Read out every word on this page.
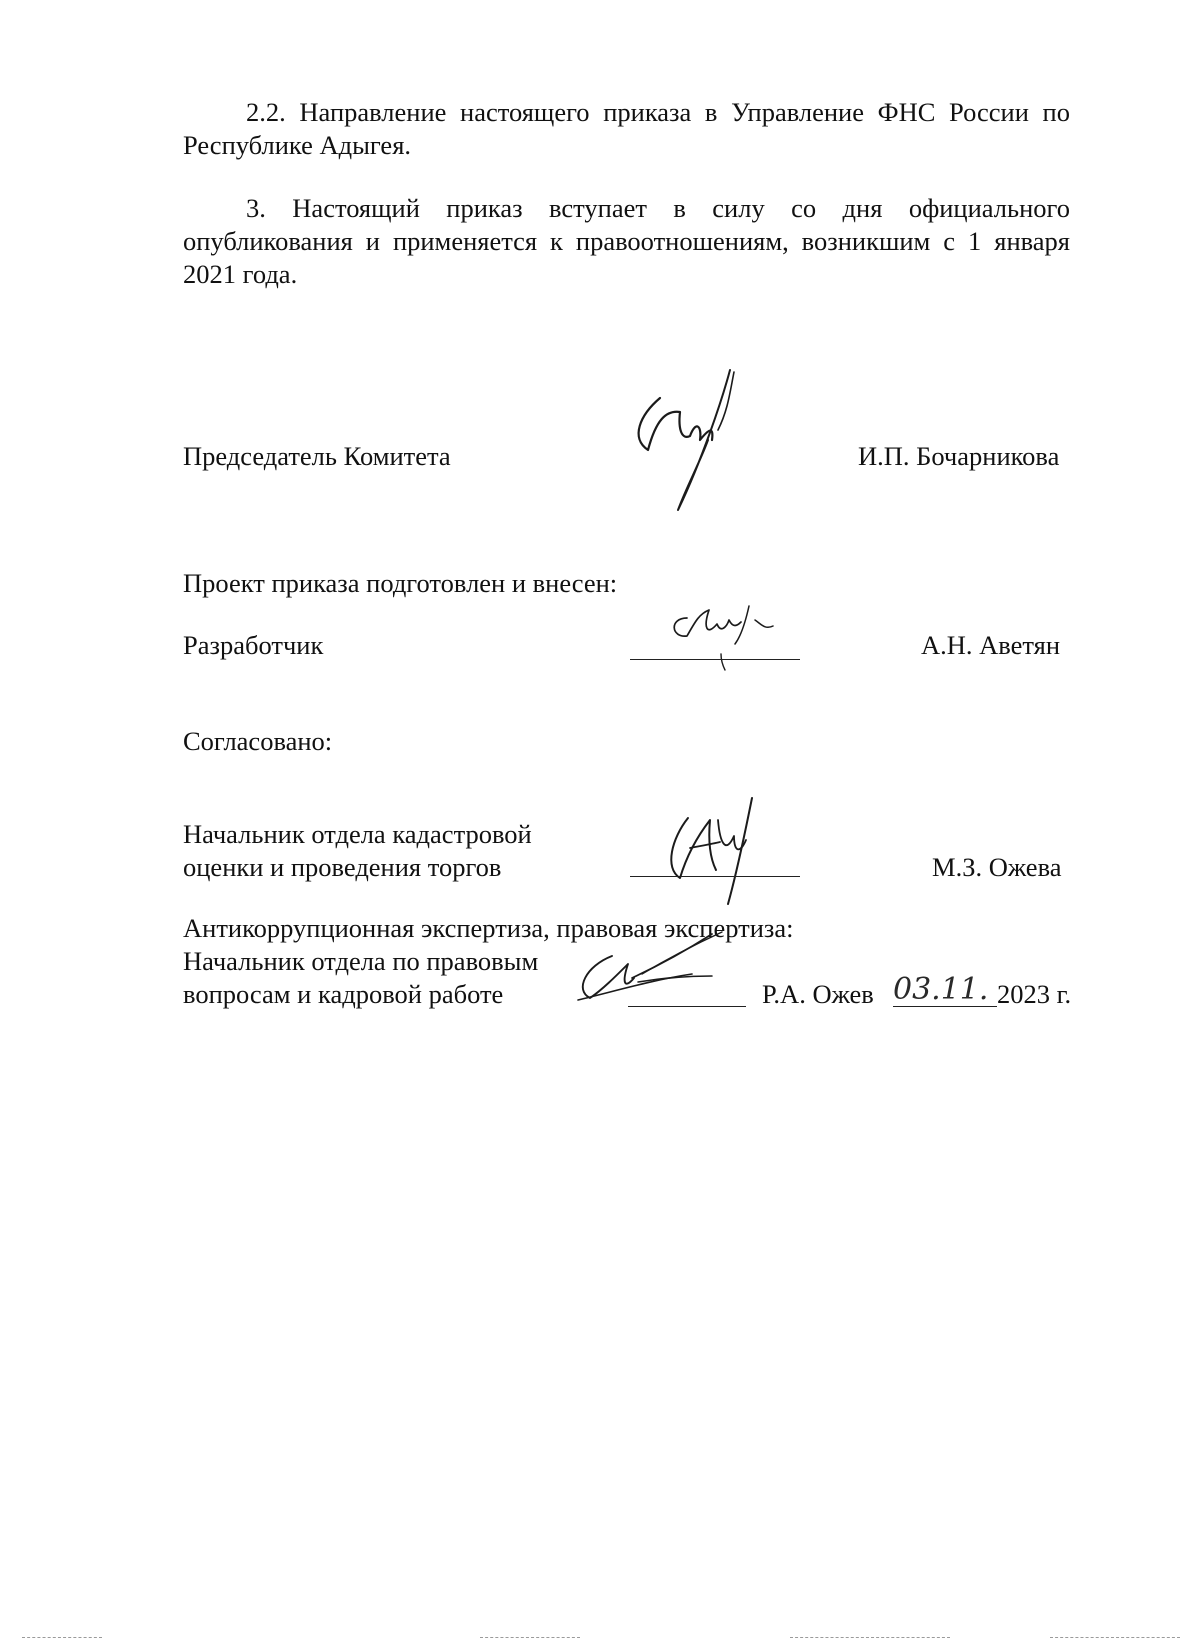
2.2. Направление настоящего приказа в Управление ФНС России по Республике Адыгея.

3. Настоящий приказ вступает в силу со дня официального опубликования и применяется к правоотношениям, возникшим с 1 января 2021 года.

Председатель Комитета	И.П. Бочарникова
Проект приказа подготовлен и внесен:
Разработчик	А.Н. Аветян
Согласовано:
Начальник отдела кадастровой
оценки и проведения торгов	М.З. Ожева
Антикоррупционная экспертиза, правовая экспертиза:
Начальник отдела по правовым
вопросам и кадровой работе	Р.А. Ожев 03.11. 2023 г.
